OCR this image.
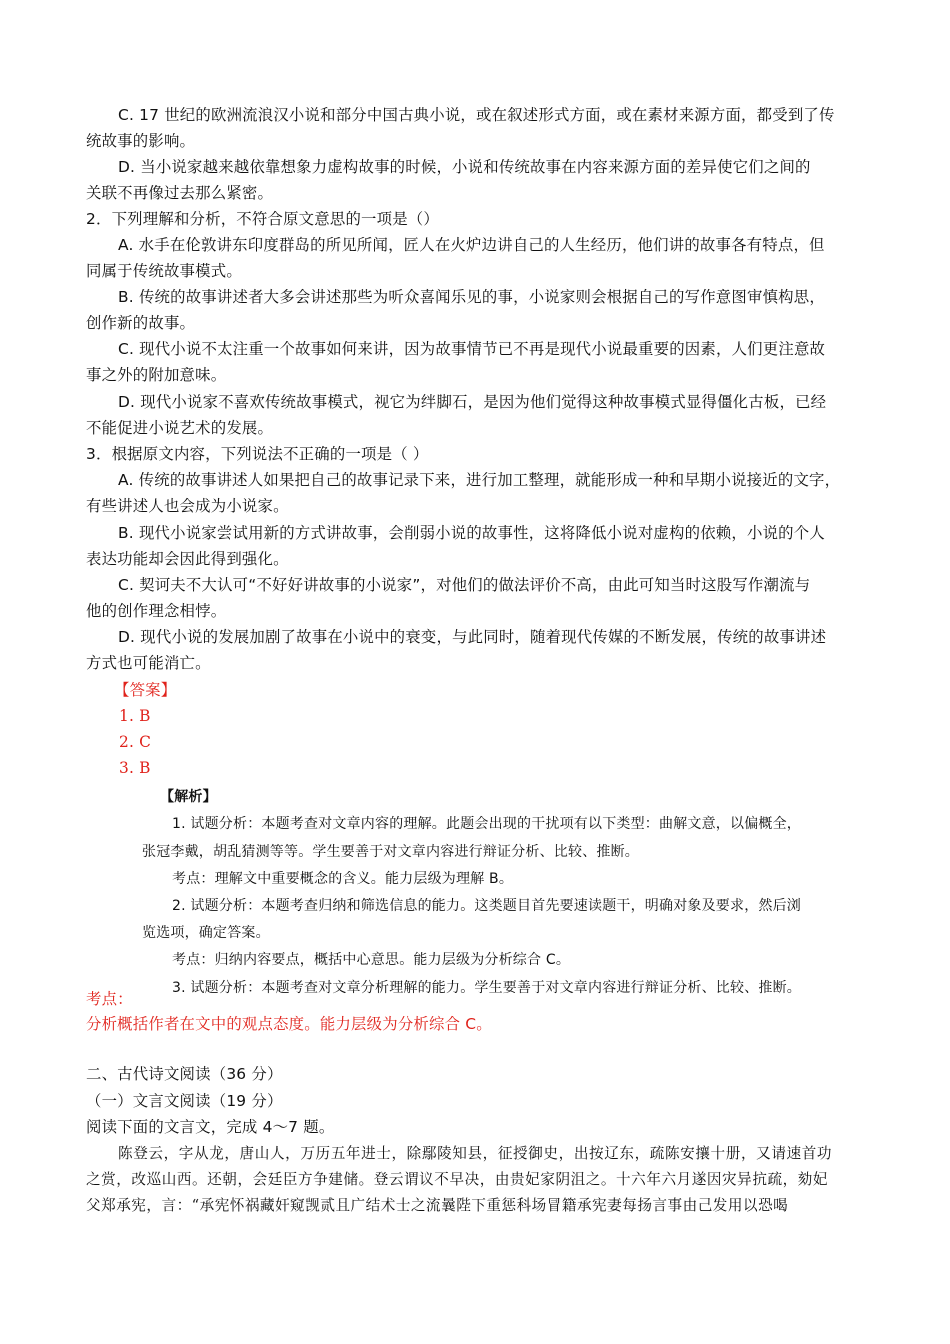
C. 17 世纪的欧洲流浪汉小说和部分中国古典小说，或在叙述形式方面，或在素材来源方面，都受到了传
统故事的影响。
D. 当小说家越来越依靠想象力虚构故事的时候，小说和传统故事在内容来源方面的差异使它们之间的
关联不再像过去那么紧密。
2．下列理解和分析，不符合原文意思的一项是（）
A. 水手在伦敦讲东印度群岛的所见所闻，匠人在火炉边讲自己的人生经历，他们讲的故事各有特点，但
同属于传统故事模式。
B. 传统的故事讲述者大多会讲述那些为听众喜闻乐见的事，小说家则会根据自己的写作意图审慎构思，
创作新的故事。
C. 现代小说不太注重一个故事如何来讲，因为故事情节已不再是现代小说最重要的因素，人们更注意故
事之外的附加意味。
D. 现代小说家不喜欢传统故事模式，视它为绊脚石，是因为他们觉得这种故事模式显得僵化古板，已经
不能促进小说艺术的发展。
3．根据原文内容，下列说法不正确的一项是（ ）
A. 传统的故事讲述人如果把自己的故事记录下来，进行加工整理，就能形成一种和早期小说接近的文字，
有些讲述人也会成为小说家。
B. 现代小说家尝试用新的方式讲故事，会削弱小说的故事性，这将降低小说对虚构的依赖，小说的个人
表达功能却会因此得到强化。
C. 契诃夫不大认可“不好好讲故事的小说家”，对他们的做法评价不高，由此可知当时这股写作潮流与
他的创作理念相悖。
D. 现代小说的发展加剧了故事在小说中的衰变，与此同时，随着现代传媒的不断发展，传统的故事讲述
方式也可能消亡。
【答案】
1. B
2. C
3. B
【解析】
1. 试题分析：本题考查对文章内容的理解。此题会出现的干扰项有以下类型：曲解文意，以偏概全，
张冠李戴，胡乱猜测等等。学生要善于对文章内容进行辩证分析、比较、推断。
考点：理解文中重要概念的含义。能力层级为理解 B。
2. 试题分析：本题考查归纳和筛选信息的能力。这类题目首先要速读题干，明确对象及要求，然后浏
览选项，确定答案。
考点：归纳内容要点，概括中心意思。能力层级为分析综合 C。
3. 试题分析：本题考查对文章分析理解的能力。学生要善于对文章内容进行辩证分析、比较、推断。
考点：
分析概括作者在文中的观点态度。能力层级为分析综合 C。
二、古代诗文阅读（36 分）
（一）文言文阅读（19 分）
阅读下面的文言文，完成 4～7 题。
陈登云，字从龙，唐山人，万历五年进士，除鄢陵知县，征授御史，出按辽东，疏陈安攘十册，又请速首功
之赏，改巡山西。还朝，会廷臣方争建储。登云谓议不早决，由贵妃家阴沮之。十六年六月遂因灾异抗疏，劾妃
父郑承宪，言：“承宪怀祸藏奸窥觊贰且广结术士之流曩陛下重惩科场冒籍承宪妻每扬言事由己发用以恐喝
